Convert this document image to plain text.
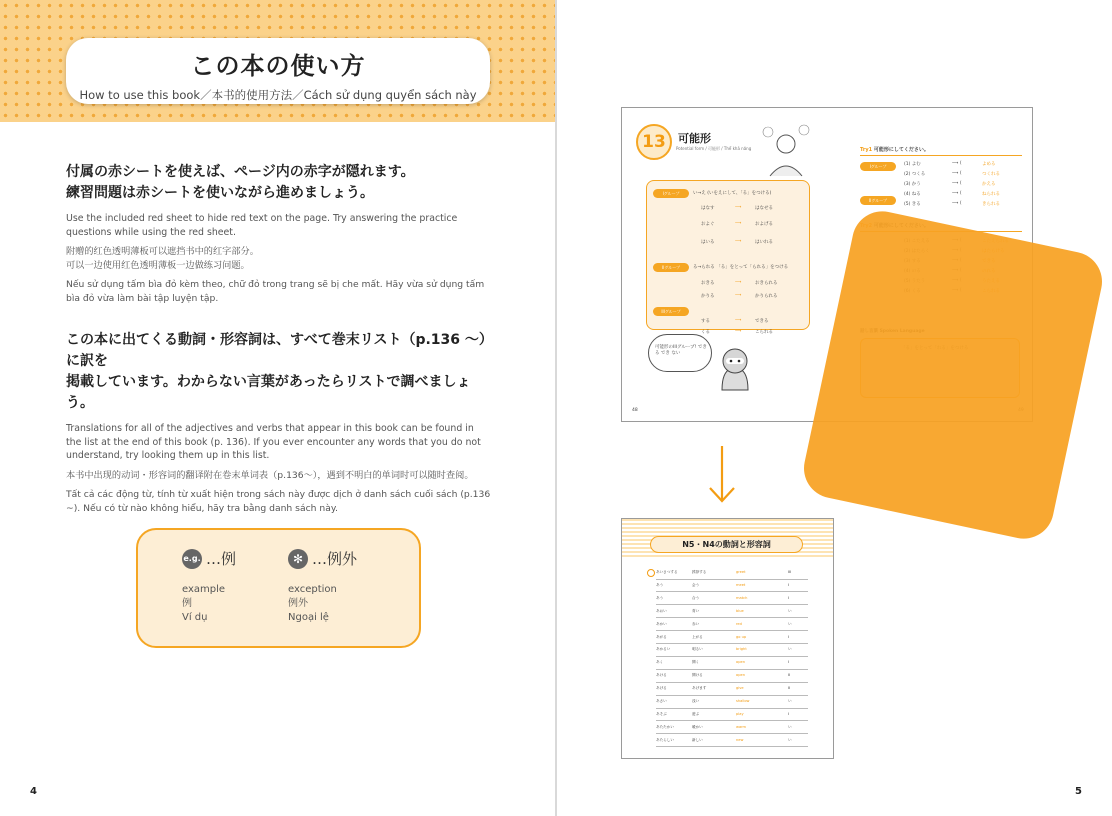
この本の使い方
How to use this book／本书的使用方法／Cách sử dụng quyển sách này
付属の赤シートを使えば、ページ内の赤字が隠れます。
練習問題は赤シートを使いながら進めましょう。
Use the included red sheet to hide red text on the page. Try answering the practice questions while using the red sheet.
附赠的红色透明薄板可以遮挡书中的红字部分。
可以一边使用红色透明薄板一边做练习问题。
Nếu sử dụng tấm bìa đỏ kèm theo, chữ đỏ trong trang sẽ bị che mất. Hãy vừa sử dụng tấm bìa đỏ vừa làm bài tập luyện tập.
この本に出てくる動詞・形容詞は、すべて巻末リスト（p.136 ～）に訳を
掲載しています。わからない言葉があったらリストで調べましょう。
Translations for all of the adjectives and verbs that appear in this book can be found in the list at the end of this book (p. 136). If you ever encounter any words that you do not understand, try looking them up in this list.
本书中出现的动词・形容词的翻译附在卷末单词表（p.136～），遇到不明白的单词时可以随时查阅。
Tất cả các động từ, tính từ xuất hiện trong sách này được dịch ở danh sách cuối sách (p.136 ~). Nếu có từ nào không hiểu, hãy tra bằng danh sách này.
e.g. …例
example
例
Ví dụ
✻ …例外
exception
例外
Ngoại lệ
4
13	可能形
Potential form / 可能形 / Thể khả năng
Iグループ	い→え (いをえにして、「る」をつける)
IIグループ	る→られる 「る」をとって「られる」をつける
IIIグループ
はなす	⟶	はなせる
およぐ	⟶	およげる
はいる	⟶	はいれる
おきる	⟶	おきられる
かりる	⟶	かりられる
する	⟶	できる
くる	⟶	こられる
可能形のIIIグループ! できる でき ない
Try1 可能形にしてください。
(1) よむ	⟶ (	よめる
(2) つくる	⟶ (	つくれる
(3) かう	⟶ (	かえる
(4) ねる	⟶ (	ねられる
(5) きる	⟶ (	きられる
Iグループ
IIグループ
48
N5・N4の動詞と形容詞
あいさつする	挨拶する	greet	III
あう	会う	meet	I
あう	合う	match	I
あおい	青い	blue	い
あかい	赤い	red	い
あがる	上がる	go up	I
あかるい	明るい	bright	い
あく	開く	open	I
あける	開ける	open	II
あげる	あげます	give	II
あさい	浅い	shallow	い
あそぶ	遊ぶ	play	I
あたたかい	暖かい	warm	い
あたらしい	新しい	new	い
5
